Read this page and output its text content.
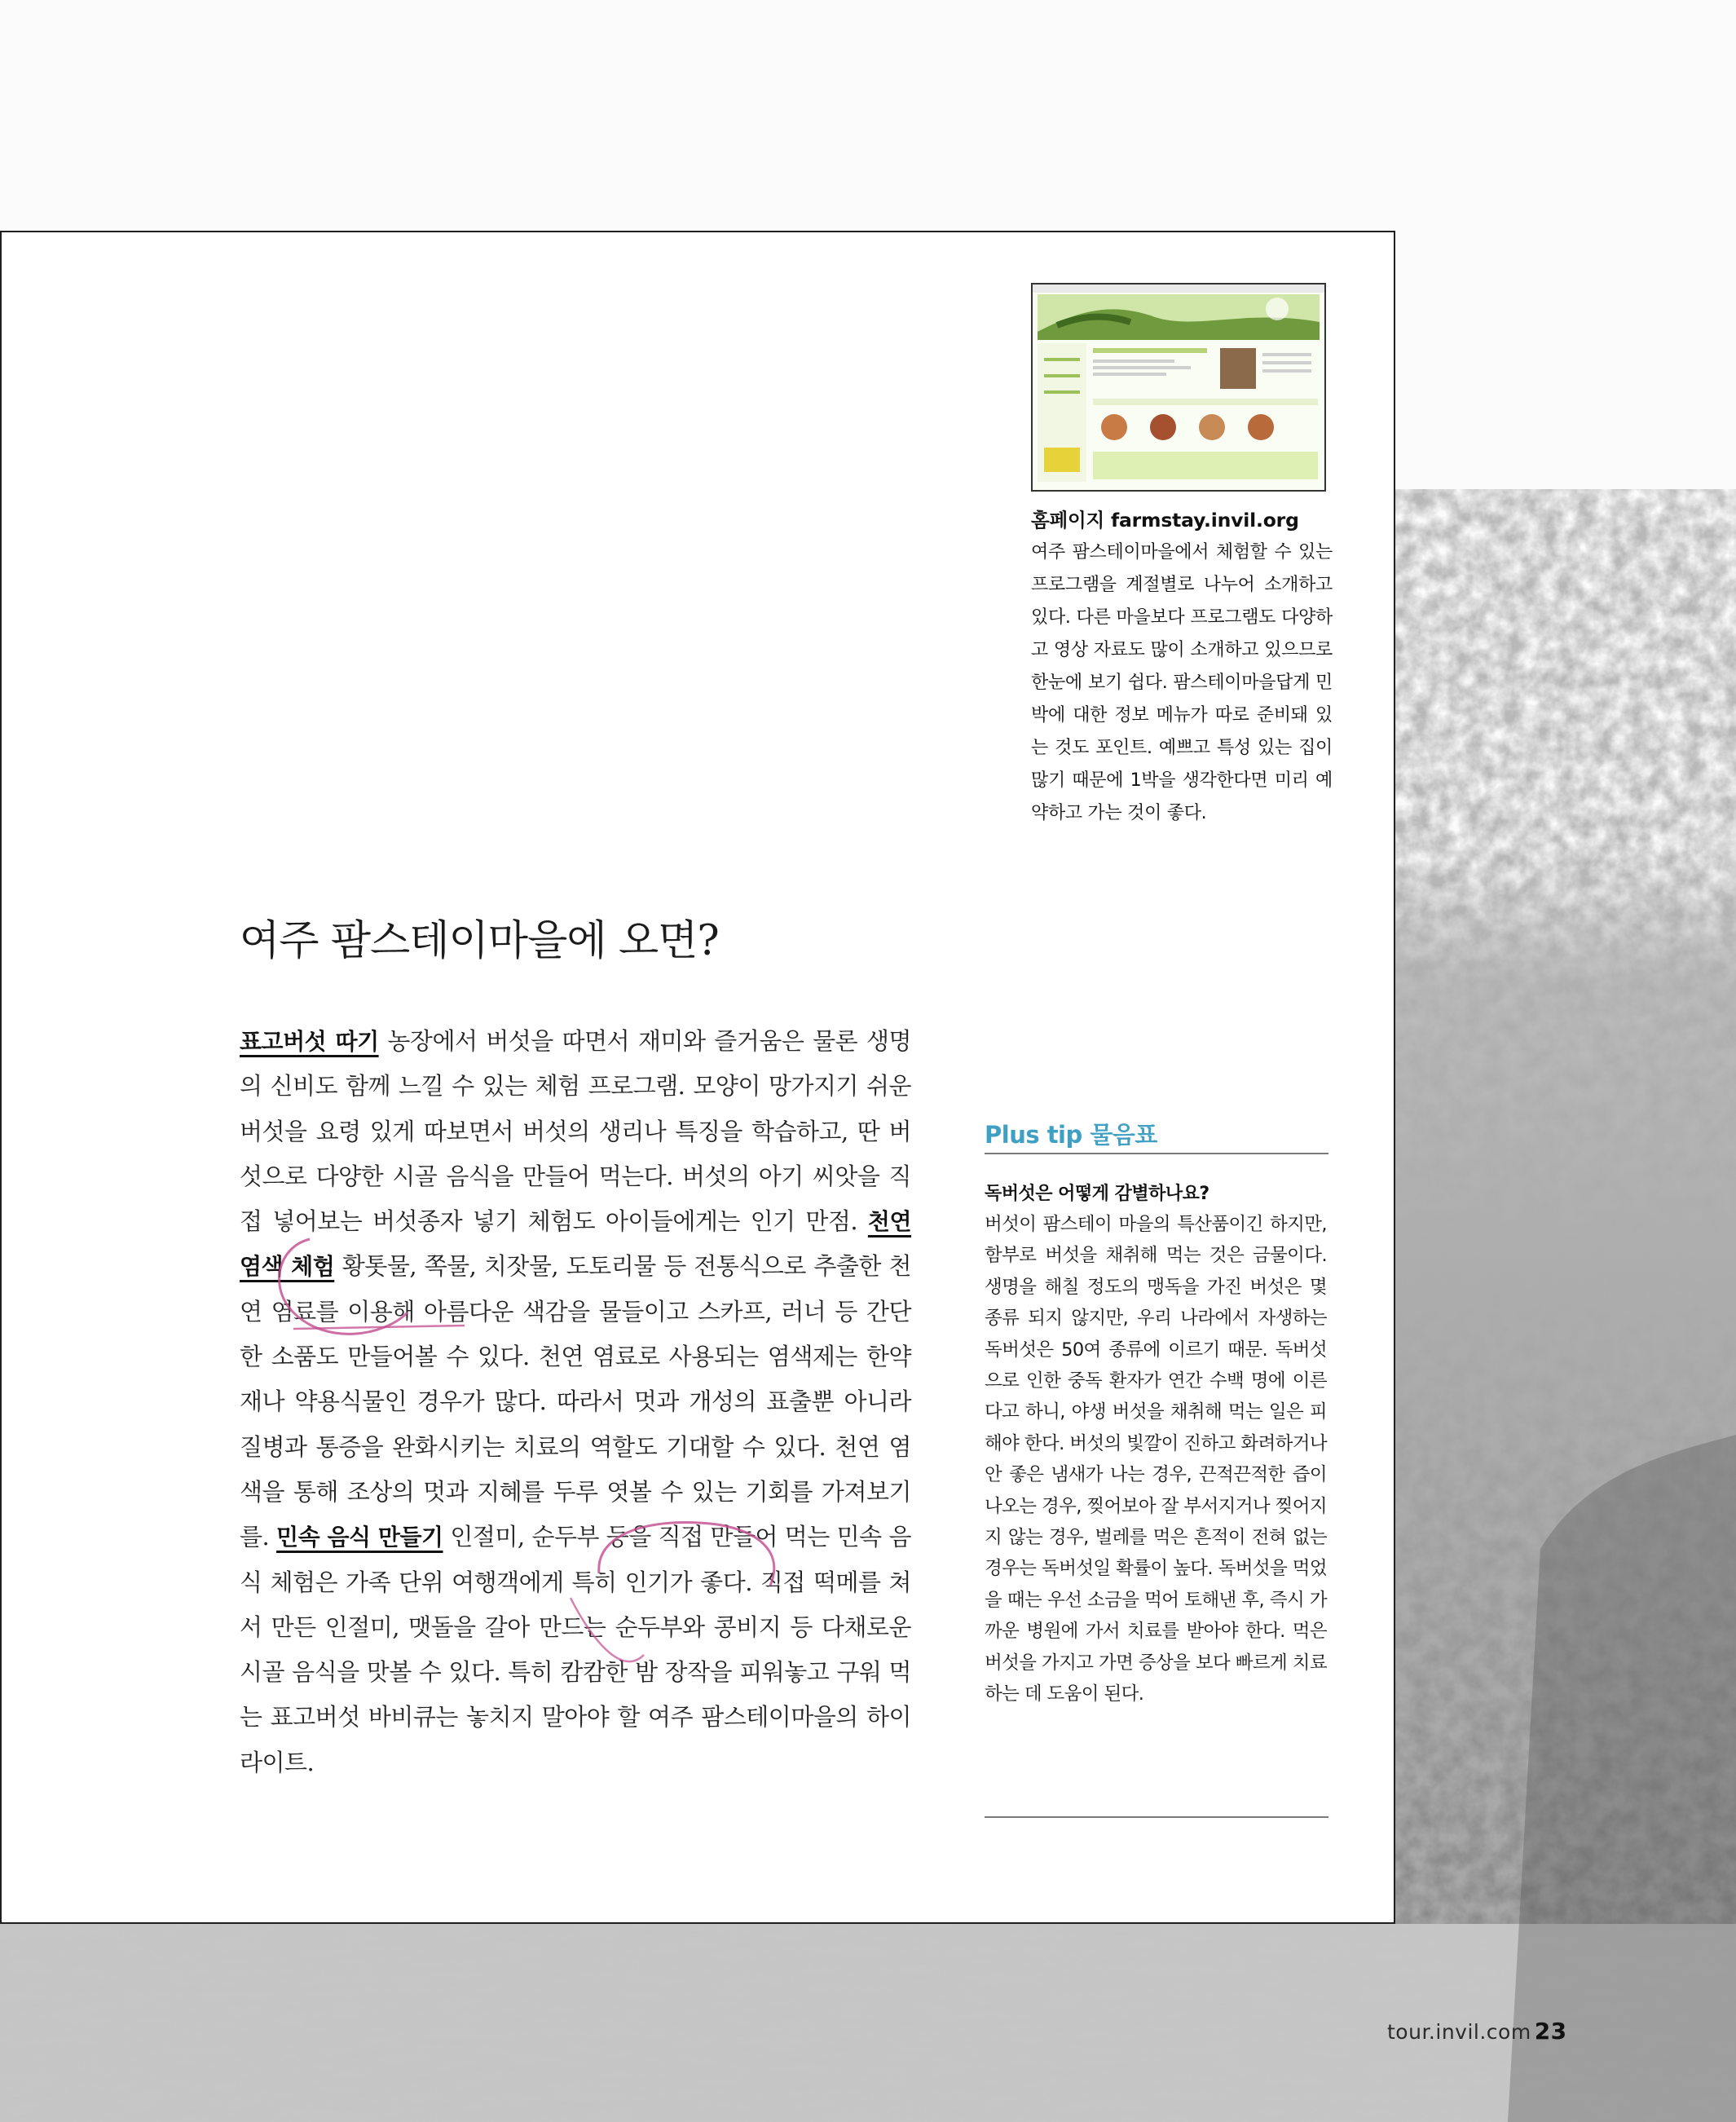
홈페이지 farmstay.invil.org
여주 팜스테이마을에서 체험할 수 있는 프로그램을 계절별로 나누어 소개하고 있다. 다른 마을보다 프로그램도 다양하고 영상 자료도 많이 소개하고 있으므로 한눈에 보기 쉽다. 팜스테이마을답게 민박에 대한 정보 메뉴가 따로 준비돼 있는 것도 포인트. 예쁘고 특성 있는 집이 많기 때문에 1박을 생각한다면 미리 예약하고 가는 것이 좋다.
여주 팜스테이마을에 오면?

표고버섯 따기 농장에서 버섯을 따면서 재미와 즐거움은 물론 생명의 신비도 함께 느낄 수 있는 체험 프로그램. 모양이 망가지기 쉬운 버섯을 요령 있게 따보면서 버섯의 생리나 특징을 학습하고, 딴 버섯으로 다양한 시골 음식을 만들어 먹는다. 버섯의 아기 씨앗을 직접 넣어보는 버섯종자 넣기 체험도 아이들에게는 인기 만점. 천연 염색 체험 황톳물, 쪽물, 치잣물, 도토리물 등 전통식으로 추출한 천연 염료를 이용해 아름다운 색감을 물들이고 스카프, 러너 등 간단한 소품도 만들어볼 수 있다. 천연 염료로 사용되는 염색제는 한약재나 약용식물인 경우가 많다. 따라서 멋과 개성의 표출뿐 아니라 질병과 통증을 완화시키는 치료의 역할도 기대할 수 있다. 천연 염색을 통해 조상의 멋과 지혜를 두루 엿볼 수 있는 기회를 가져보기를. 민속 음식 만들기 인절미, 순두부 등을 직접 만들어 먹는 민속 음식 체험은 가족 단위 여행객에게 특히 인기가 좋다. 직접 떡메를 쳐서 만든 인절미, 맷돌을 갈아 만드는 순두부와 콩비지 등 다채로운 시골 음식을 맛볼 수 있다. 특히 캄캄한 밤 장작을 피워놓고 구워 먹는 표고버섯 바비큐는 놓치지 말아야 할 여주 팜스테이마을의 하이라이트.

Plus tip 물음표
독버섯은 어떻게 감별하나요?

버섯이 팜스테이 마을의 특산품이긴 하지만, 함부로 버섯을 채취해 먹는 것은 금물이다. 생명을 해칠 정도의 맹독을 가진 버섯은 몇 종류 되지 않지만, 우리 나라에서 자생하는 독버섯은 50여 종류에 이르기 때문. 독버섯으로 인한 중독 환자가 연간 수백 명에 이른다고 하니, 야생 버섯을 채취해 먹는 일은 피해야 한다. 버섯의 빛깔이 진하고 화려하거나 안 좋은 냄새가 나는 경우, 끈적끈적한 즙이 나오는 경우, 찢어보아 잘 부서지거나 찢어지지 않는 경우, 벌레를 먹은 흔적이 전혀 없는 경우는 독버섯일 확률이 높다. 독버섯을 먹었을 때는 우선 소금을 먹어 토해낸 후, 즉시 가까운 병원에 가서 치료를 받아야 한다. 먹은 버섯을 가지고 가면 증상을 보다 빠르게 치료하는 데 도움이 된다.

tour.invil.com 23
